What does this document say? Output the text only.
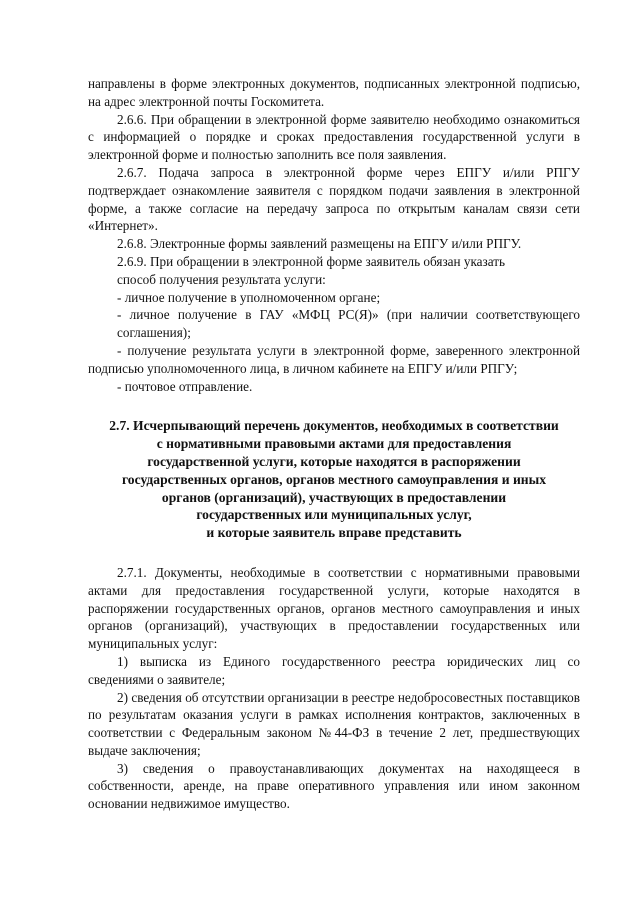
направлены в форме электронных документов, подписанных электронной подписью, на адрес электронной почты Госкомитета.

2.6.6. При обращении в электронной форме заявителю необходимо ознакомиться с информацией о порядке и сроках предоставления государственной услуги в электронной форме и полностью заполнить все поля заявления.

2.6.7. Подача запроса в электронной форме через ЕПГУ и/или РПГУ подтверждает ознакомление заявителя с порядком подачи заявления в электронной форме, а также согласие на передачу запроса по открытым каналам связи сети «Интернет».

2.6.8. Электронные формы заявлений размещены на ЕПГУ и/или РПГУ.

2.6.9. При обращении в электронной форме заявитель обязан указать

способ получения результата услуги:

- личное получение в уполномоченном органе;

- личное получение в ГАУ «МФЦ РС(Я)» (при наличии соответствующего соглашения);

- получение результата услуги в электронной форме, заверенного электронной подписью уполномоченного лица, в личном кабинете на ЕПГУ и/или РПГУ;

- почтовое отправление.

2.7. Исчерпывающий перечень документов, необходимых в соответствии
с нормативными правовыми актами для предоставления
государственной услуги, которые находятся в распоряжении
государственных органов, органов местного самоуправления и иных
органов (организаций), участвующих в предоставлении
государственных или муниципальных услуг,
и которые заявитель вправе представить

2.7.1. Документы, необходимые в соответствии с нормативными правовыми актами для предоставления государственной услуги, которые находятся в распоряжении государственных органов, органов местного самоуправления и иных органов (организаций), участвующих в предоставлении государственных или муниципальных услуг:

1) выписка из Единого государственного реестра юридических лиц со сведениями о заявителе;

2) сведения об отсутствии организации в реестре недобросовестных поставщиков по результатам оказания услуги в рамках исполнения контрактов, заключенных в соответствии с Федеральным законом №44-ФЗ в течение 2 лет, предшествующих выдаче заключения;

3) сведения о правоустанавливающих документах на находящееся в собственности, аренде, на праве оперативного управления или ином законном основании недвижимое имущество.
